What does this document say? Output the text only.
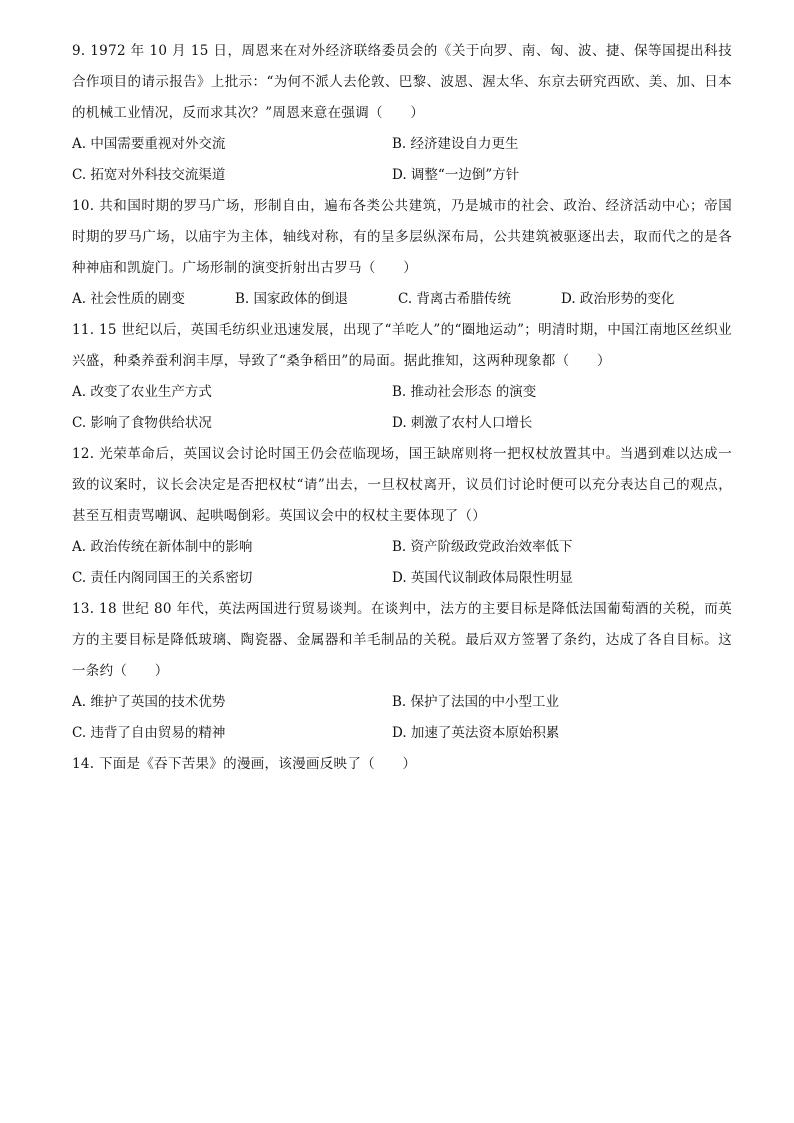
9. 1972 年 10 月 15 日，周恩来在对外经济联络委员会的《关于向罗、南、匈、波、捷、保等国提出科技合作项目的请示报告》上批示：“为何不派人去伦敦、巴黎、波恩、渥太华、东京去研究西欧、美、加、日本的机械工业情况，反而求其次？”周恩来意在强调（　　）

A. 中国需要重视对外交流	B. 经济建设自力更生
C. 拓宽对外科技交流渠道	D. 调整“一边倒”方针

10. 共和国时期的罗马广场，形制自由，遍布各类公共建筑，乃是城市的社会、政治、经济活动中心；帝国时期的罗马广场，以庙宇为主体，轴线对称，有的呈多层纵深布局，公共建筑被驱逐出去，取而代之的是各种神庙和凯旋门。广场形制的演变折射出古罗马（　　）

A. 社会性质的剧变	B. 国家政体的倒退	C. 背离古希腊传统	D. 政治形势的变化

11. 15 世纪以后，英国毛纺织业迅速发展，出现了“羊吃人”的“圈地运动”；明清时期，中国江南地区丝织业兴盛，种桑养蚕利润丰厚，导致了“桑争稻田”的局面。据此推知，这两种现象都（　　）

A. 改变了农业生产方式	B. 推动社会形态 的演变
C. 影响了食物供给状况	D. 刺激了农村人口增长

12. 光荣革命后，英国议会讨论时国王仍会莅临现场，国王缺席则将一把权杖放置其中。当遇到难以达成一致的议案时，议长会决定是否把权杖“请”出去，一旦权杖离开，议员们讨论时便可以充分表达自己的观点，甚至互相责骂嘲讽、起哄喝倒彩。英国议会中的权杖主要体现了（）

A. 政治传统在新体制中的影响	B. 资产阶级政党政治效率低下
C. 责任内阁同国王的关系密切	D. 英国代议制政体局限性明显

13. 18 世纪 80 年代，英法两国进行贸易谈判。在谈判中，法方的主要目标是降低法国葡萄酒的关税，而英方的主要目标是降低玻璃、陶瓷器、金属器和羊毛制品的关税。最后双方签署了条约，达成了各自目标。这一条约（　　）

A. 维护了英国的技术优势	B. 保护了法国的中小型工业
C. 违背了自由贸易的精神	D. 加速了英法资本原始积累

14. 下面是《吞下苦果》的漫画，该漫画反映了（　　）
